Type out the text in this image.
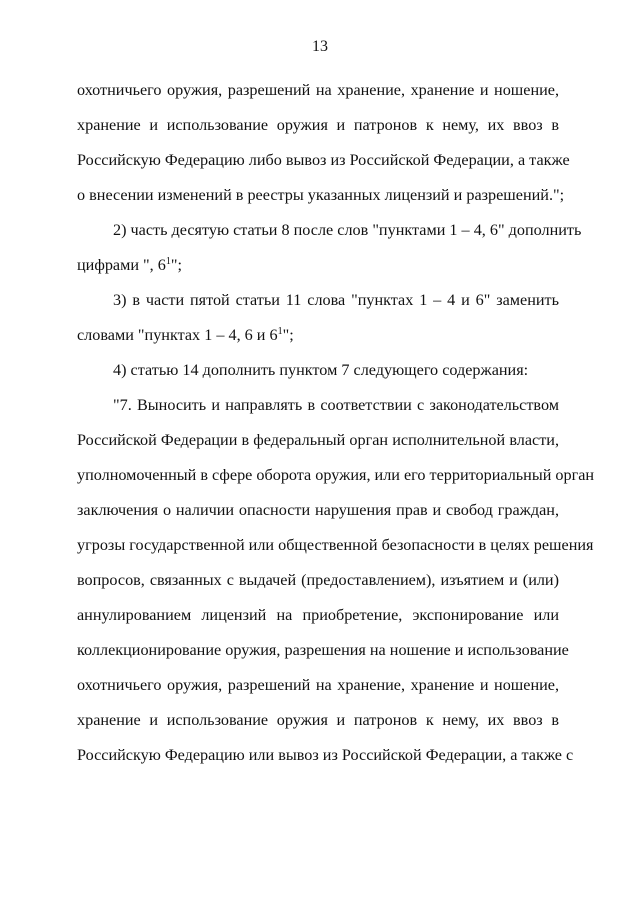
13
охотничьего оружия, разрешений на хранение, хранение и ношение,
хранение и использование оружия и патронов к нему, их ввоз в
Российскую Федерацию либо вывоз из Российской Федерации, а также
о внесении изменений в реестры указанных лицензий и разрешений.";
2) часть десятую статьи 8 после слов "пунктами 1 – 4, 6" дополнить
цифрами ", $6^1$";
3) в части пятой статьи 11 слова "пунктах 1 – 4 и 6" заменить
словами "пунктах 1 – 4, 6 и $6^1$";
4) статью 14 дополнить пунктом 7 следующего содержания:
"7. Выносить и направлять в соответствии с законодательством
Российской Федерации в федеральный орган исполнительной власти,
уполномоченный в сфере оборота оружия, или его территориальный орган
заключения о наличии опасности нарушения прав и свобод граждан,
угрозы государственной или общественной безопасности в целях решения
вопросов, связанных с выдачей (предоставлением), изъятием и (или)
аннулированием лицензий на приобретение, экспонирование или
коллекционирование оружия, разрешения на ношение и использование
охотничьего оружия, разрешений на хранение, хранение и ношение,
хранение и использование оружия и патронов к нему, их ввоз в
Российскую Федерацию или вывоз из Российской Федерации, а также с
